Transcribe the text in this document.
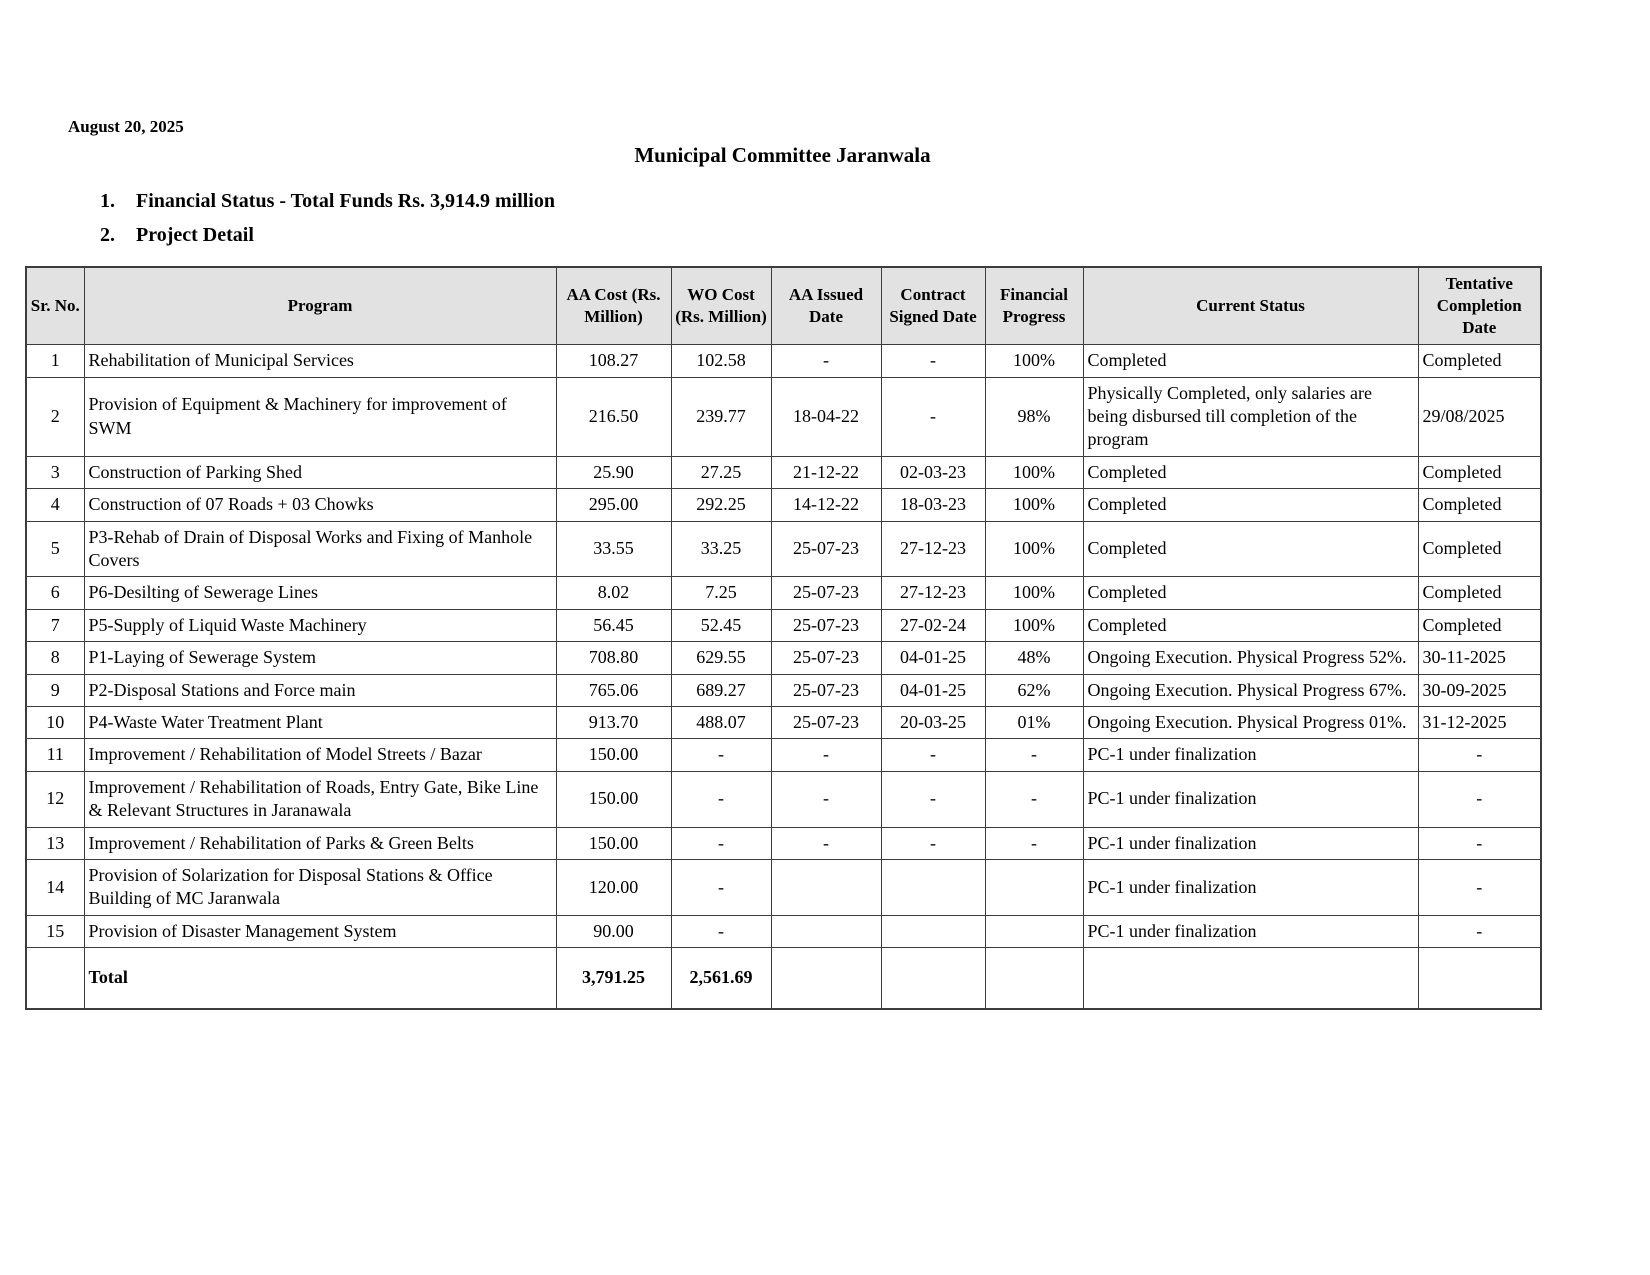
August 20, 2025
Municipal Committee Jaranwala
1. Financial Status - Total Funds Rs. 3,914.9 million
2. Project Detail
Sr. No.	Program	AA Cost (Rs. Million)	WO Cost (Rs. Million)	AA Issued Date	Contract Signed Date	Financial Progress	Current Status	Tentative Completion Date
1	Rehabilitation of Municipal Services	108.27	102.58	-	-	100%	Completed	Completed
2	Provision of Equipment & Machinery for improvement of SWM	216.50	239.77	18-04-22	-	98%	Physically Completed, only salaries are being disbursed till completion of the program	29/08/2025
3	Construction of Parking Shed	25.90	27.25	21-12-22	02-03-23	100%	Completed	Completed
4	Construction of 07 Roads + 03 Chowks	295.00	292.25	14-12-22	18-03-23	100%	Completed	Completed
5	P3-Rehab of Drain of Disposal Works and Fixing of Manhole Covers	33.55	33.25	25-07-23	27-12-23	100%	Completed	Completed
6	P6-Desilting of Sewerage Lines	8.02	7.25	25-07-23	27-12-23	100%	Completed	Completed
7	P5-Supply of Liquid Waste Machinery	56.45	52.45	25-07-23	27-02-24	100%	Completed	Completed
8	P1-Laying of Sewerage System	708.80	629.55	25-07-23	04-01-25	48%	Ongoing Execution. Physical Progress 52%.	30-11-2025
9	P2-Disposal Stations and Force main	765.06	689.27	25-07-23	04-01-25	62%	Ongoing Execution. Physical Progress 67%.	30-09-2025
10	P4-Waste Water Treatment Plant	913.70	488.07	25-07-23	20-03-25	01%	Ongoing Execution. Physical Progress 01%.	31-12-2025
11	Improvement / Rehabilitation of Model Streets / Bazar	150.00	-	-	-	-	PC-1 under finalization	-
12	Improvement / Rehabilitation of Roads, Entry Gate, Bike Line & Relevant Structures in Jaranawala	150.00	-	-	-	-	PC-1 under finalization	-
13	Improvement / Rehabilitation of Parks & Green Belts	150.00	-	-	-	-	PC-1 under finalization	-
14	Provision of Solarization for Disposal Stations & Office Building of MC Jaranwala	120.00	-				PC-1 under finalization	-
15	Provision of Disaster Management System	90.00	-				PC-1 under finalization	-
	Total	3,791.25	2,561.69					
